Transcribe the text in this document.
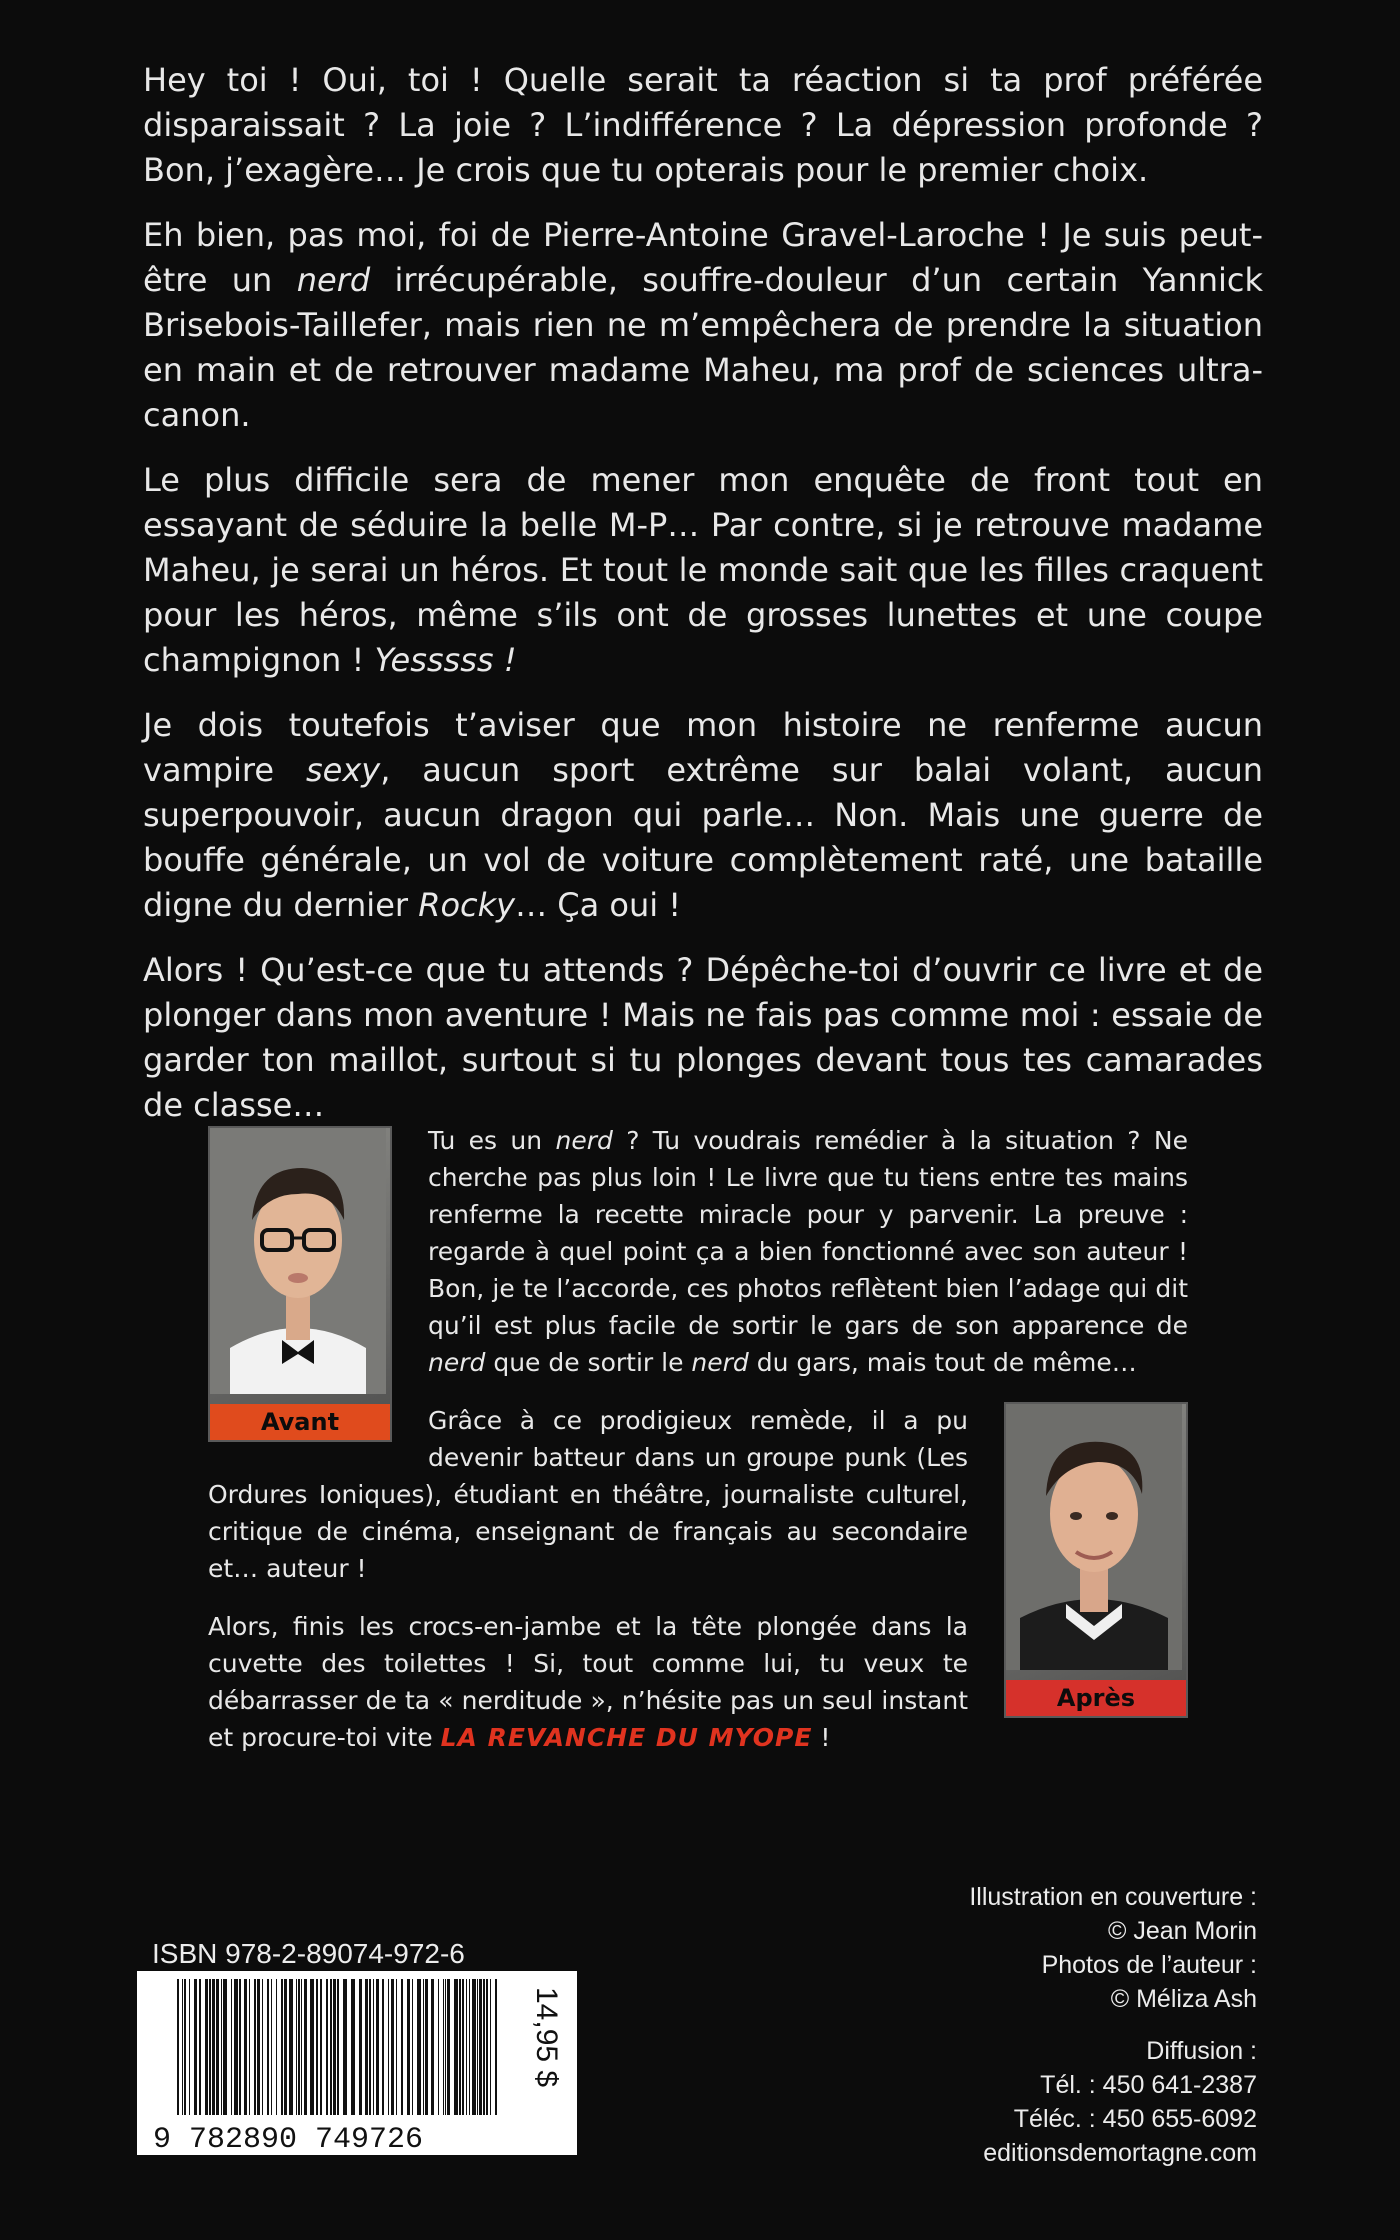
Hey toi ! Oui, toi ! Quelle serait ta réaction si ta prof préférée disparaissait ? La joie ? L’indifférence ? La dépression profonde ? Bon, j’exagère… Je crois que tu opterais pour le premier choix.

Eh bien, pas moi, foi de Pierre-Antoine Gravel-Laroche ! Je suis peut-être un nerd irrécupérable, souffre-douleur d’un certain Yannick Brisebois-Taillefer, mais rien ne m’empêchera de prendre la situation en main et de retrouver madame Maheu, ma prof de sciences ultra-canon.

Le plus difficile sera de mener mon enquête de front tout en essayant de séduire la belle M-P… Par contre, si je retrouve madame Maheu, je serai un héros. Et tout le monde sait que les filles craquent pour les héros, même s’ils ont de grosses lunettes et une coupe champignon ! Yesssss !

Je dois toutefois t’aviser que mon histoire ne renferme aucun vampire sexy, aucun sport extrême sur balai volant, aucun superpouvoir, aucun dragon qui parle… Non. Mais une guerre de bouffe générale, un vol de voiture complètement raté, une bataille digne du dernier Rocky… Ça oui !

Alors ! Qu’est-ce que tu attends ? Dépêche-toi d’ouvrir ce livre et de plonger dans mon aventure ! Mais ne fais pas comme moi : essaie de garder ton maillot, surtout si tu plonges devant tous tes camarades de classe…

Avant

Tu es un nerd ? Tu voudrais remédier à la situation ? Ne cherche pas plus loin ! Le livre que tu tiens entre tes mains renferme la recette miracle pour y parvenir. La preuve : regarde à quel point ça a bien fonctionné avec son auteur ! Bon, je te l’accorde, ces photos reflètent bien l’adage qui dit qu’il est plus facile de sortir le gars de son apparence de nerd que de sortir le nerd du gars, mais tout de même…

Après

Grâce à ce prodigieux remède, il a pu devenir batteur dans un groupe punk (Les Ordures Ioniques), étudiant en théâtre, journaliste culturel, critique de cinéma, enseignant de français au secondaire et… auteur !

Alors, finis les crocs-en-jambe et la tête plongée dans la cuvette des toilettes ! Si, tout comme lui, tu veux te débarrasser de ta « nerditude », n’hésite pas un seul instant et procure-toi vite LA REVANCHE DU MYOPE !

ISBN 978-2-89074-972-6
9 782890 749726
14,95 $
Illustration en couverture :
© Jean Morin
Photos de l’auteur :
© Méliza Ash
Diffusion :
Tél. : 450 641-2387
Téléc. : 450 655-6092
editionsdemortagne.com
